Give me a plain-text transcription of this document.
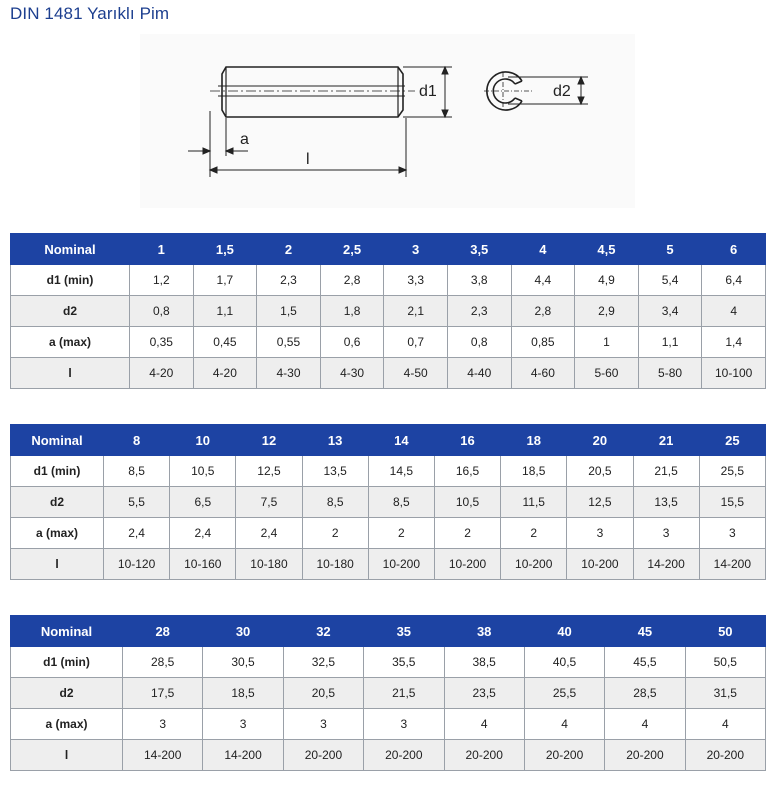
DIN 1481 Yarıklı Pim
d1	d2
a
l
Nominal	1	1,5	2	2,5	3	3,5	4	4,5	5	6
d1 (min)	1,2	1,7	2,3	2,8	3,3	3,8	4,4	4,9	5,4	6,4
d2	0,8	1,1	1,5	1,8	2,1	2,3	2,8	2,9	3,4	4
a (max)	0,35	0,45	0,55	0,6	0,7	0,8	0,85	1	1,1	1,4
l	4-20	4-20	4-30	4-30	4-50	4-40	4-60	5-60	5-80	10-100
Nominal	8	10	12	13	14	16	18	20	21	25
d1 (min)	8,5	10,5	12,5	13,5	14,5	16,5	18,5	20,5	21,5	25,5
d2	5,5	6,5	7,5	8,5	8,5	10,5	11,5	12,5	13,5	15,5
a (max)	2,4	2,4	2,4	2	2	2	2	3	3	3
l	10-120	10-160	10-180	10-180	10-200	10-200	10-200	10-200	14-200	14-200
Nominal	28	30	32	35	38	40	45	50
d1 (min)	28,5	30,5	32,5	35,5	38,5	40,5	45,5	50,5
d2	17,5	18,5	20,5	21,5	23,5	25,5	28,5	31,5
a (max)	3	3	3	3	4	4	4	4
l	14-200	14-200	20-200	20-200	20-200	20-200	20-200	20-200
